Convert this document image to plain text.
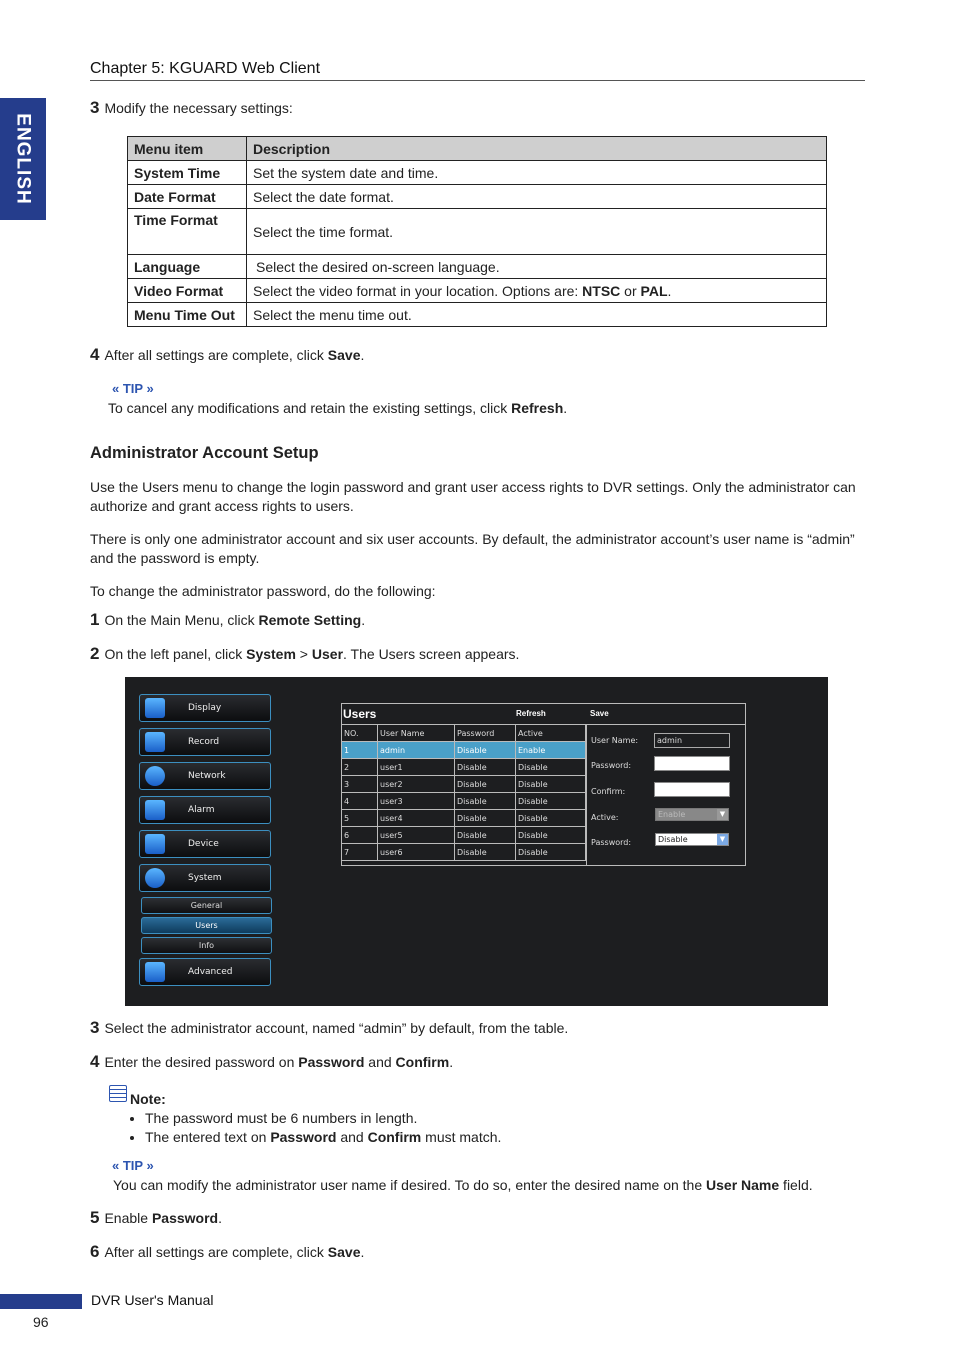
ENGLISH
Chapter 5: KGUARD Web Client
3 Modify the necessary settings:
Menu item	Description
System Time	Set the system date and time.
Date Format	Select the date format.
Time Format	Select the time format.
Language	Select the desired on-screen language.
Video Format	Select the video format in your location. Options are: NTSC or PAL.
Menu Time Out	Select the menu time out.
4 After all settings are complete, click Save.
« TIP »
To cancel any modifications and retain the existing settings, click Refresh.
Administrator Account Setup
Use the Users menu to change the login password and grant user access rights to DVR settings. Only the administrator can authorize and grant access rights to users.
There is only one administrator account and six user accounts. By default, the administrator account’s user name is “admin” and the password is empty.
To change the administrator password, do the following:
1 On the Main Menu, click Remote Setting.
2 On the left panel, click System > User. The Users screen appears.
Display
Record
Network
Alarm
Device
System
General
Users
Info
Advanced
Users	Refresh	Save
NO.	User Name	Password	Active
1	admin	Disable	Enable
2	user1	Disable	Disable
3	user2	Disable	Disable
4	user3	Disable	Disable
5	user4	Disable	Disable
6	user5	Disable	Disable
7	user6	Disable	Disable
User Name:	admin
Password:
Confirm:
Active:	Enable	▼
Password:	Disable	▼
3 Select the administrator account, named “admin” by default, from the table.
4 Enter the desired password on Password and Confirm.
Note:
• The password must be 6 numbers in length.
• The entered text on Password and Confirm must match.
« TIP »
You can modify the administrator user name if desired. To do so, enter the desired name on the User Name field.
5 Enable Password.
6 After all settings are complete, click Save.
DVR User's Manual
96
